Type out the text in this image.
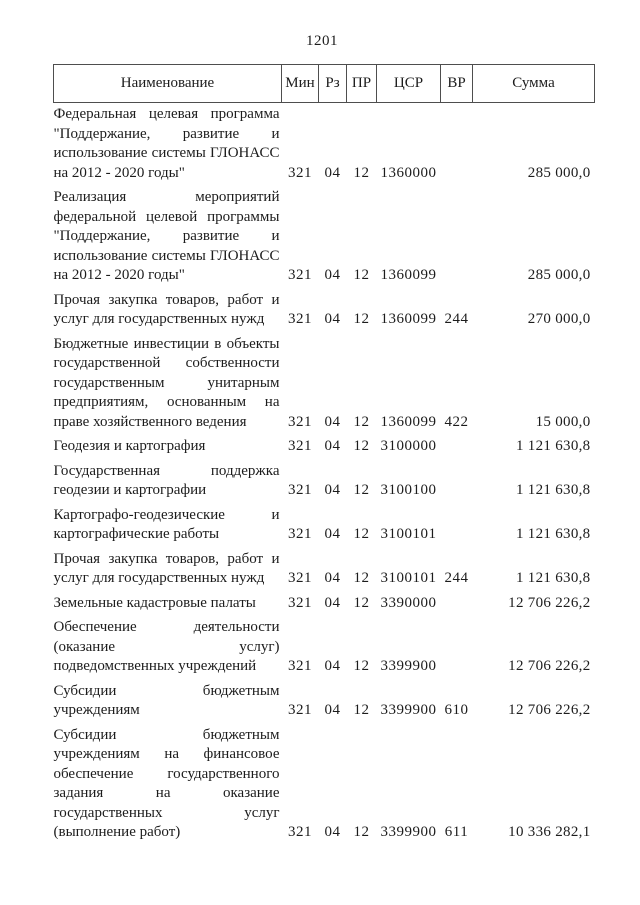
1201
Наименование	Мин	Рз	ПР	ЦСР	ВР	Сумма
Федеральная целевая программа "Поддержание, развитие и использование системы ГЛОНАСС на 2012 - 2020 годы"	321	04	12	1360000		285 000,0
Реализация мероприятий федеральной целевой программы "Поддержание, развитие и использование системы ГЛОНАСС на 2012 - 2020 годы"	321	04	12	1360099		285 000,0
Прочая закупка товаров, работ и услуг для государственных нужд	321	04	12	1360099	244	270 000,0
Бюджетные инвестиции в объекты государственной собственности государственным унитарным предприятиям, основанным на праве хозяйственного ведения	321	04	12	1360099	422	15 000,0
Геодезия и картография	321	04	12	3100000		1 121 630,8
Государственная поддержка геодезии и картографии	321	04	12	3100100		1 121 630,8
Картографо-геодезические и картографические работы	321	04	12	3100101		1 121 630,8
Прочая закупка товаров, работ и услуг для государственных нужд	321	04	12	3100101	244	1 121 630,8
Земельные кадастровые палаты	321	04	12	3390000		12 706 226,2
Обеспечение деятельности (оказание услуг) подведомственных учреждений	321	04	12	3399900		12 706 226,2
Субсидии бюджетным учреждениям	321	04	12	3399900	610	12 706 226,2
Субсидии бюджетным учреждениям на финансовое обеспечение государственного задания на оказание государственных услуг (выполнение работ)	321	04	12	3399900	611	10 336 282,1
